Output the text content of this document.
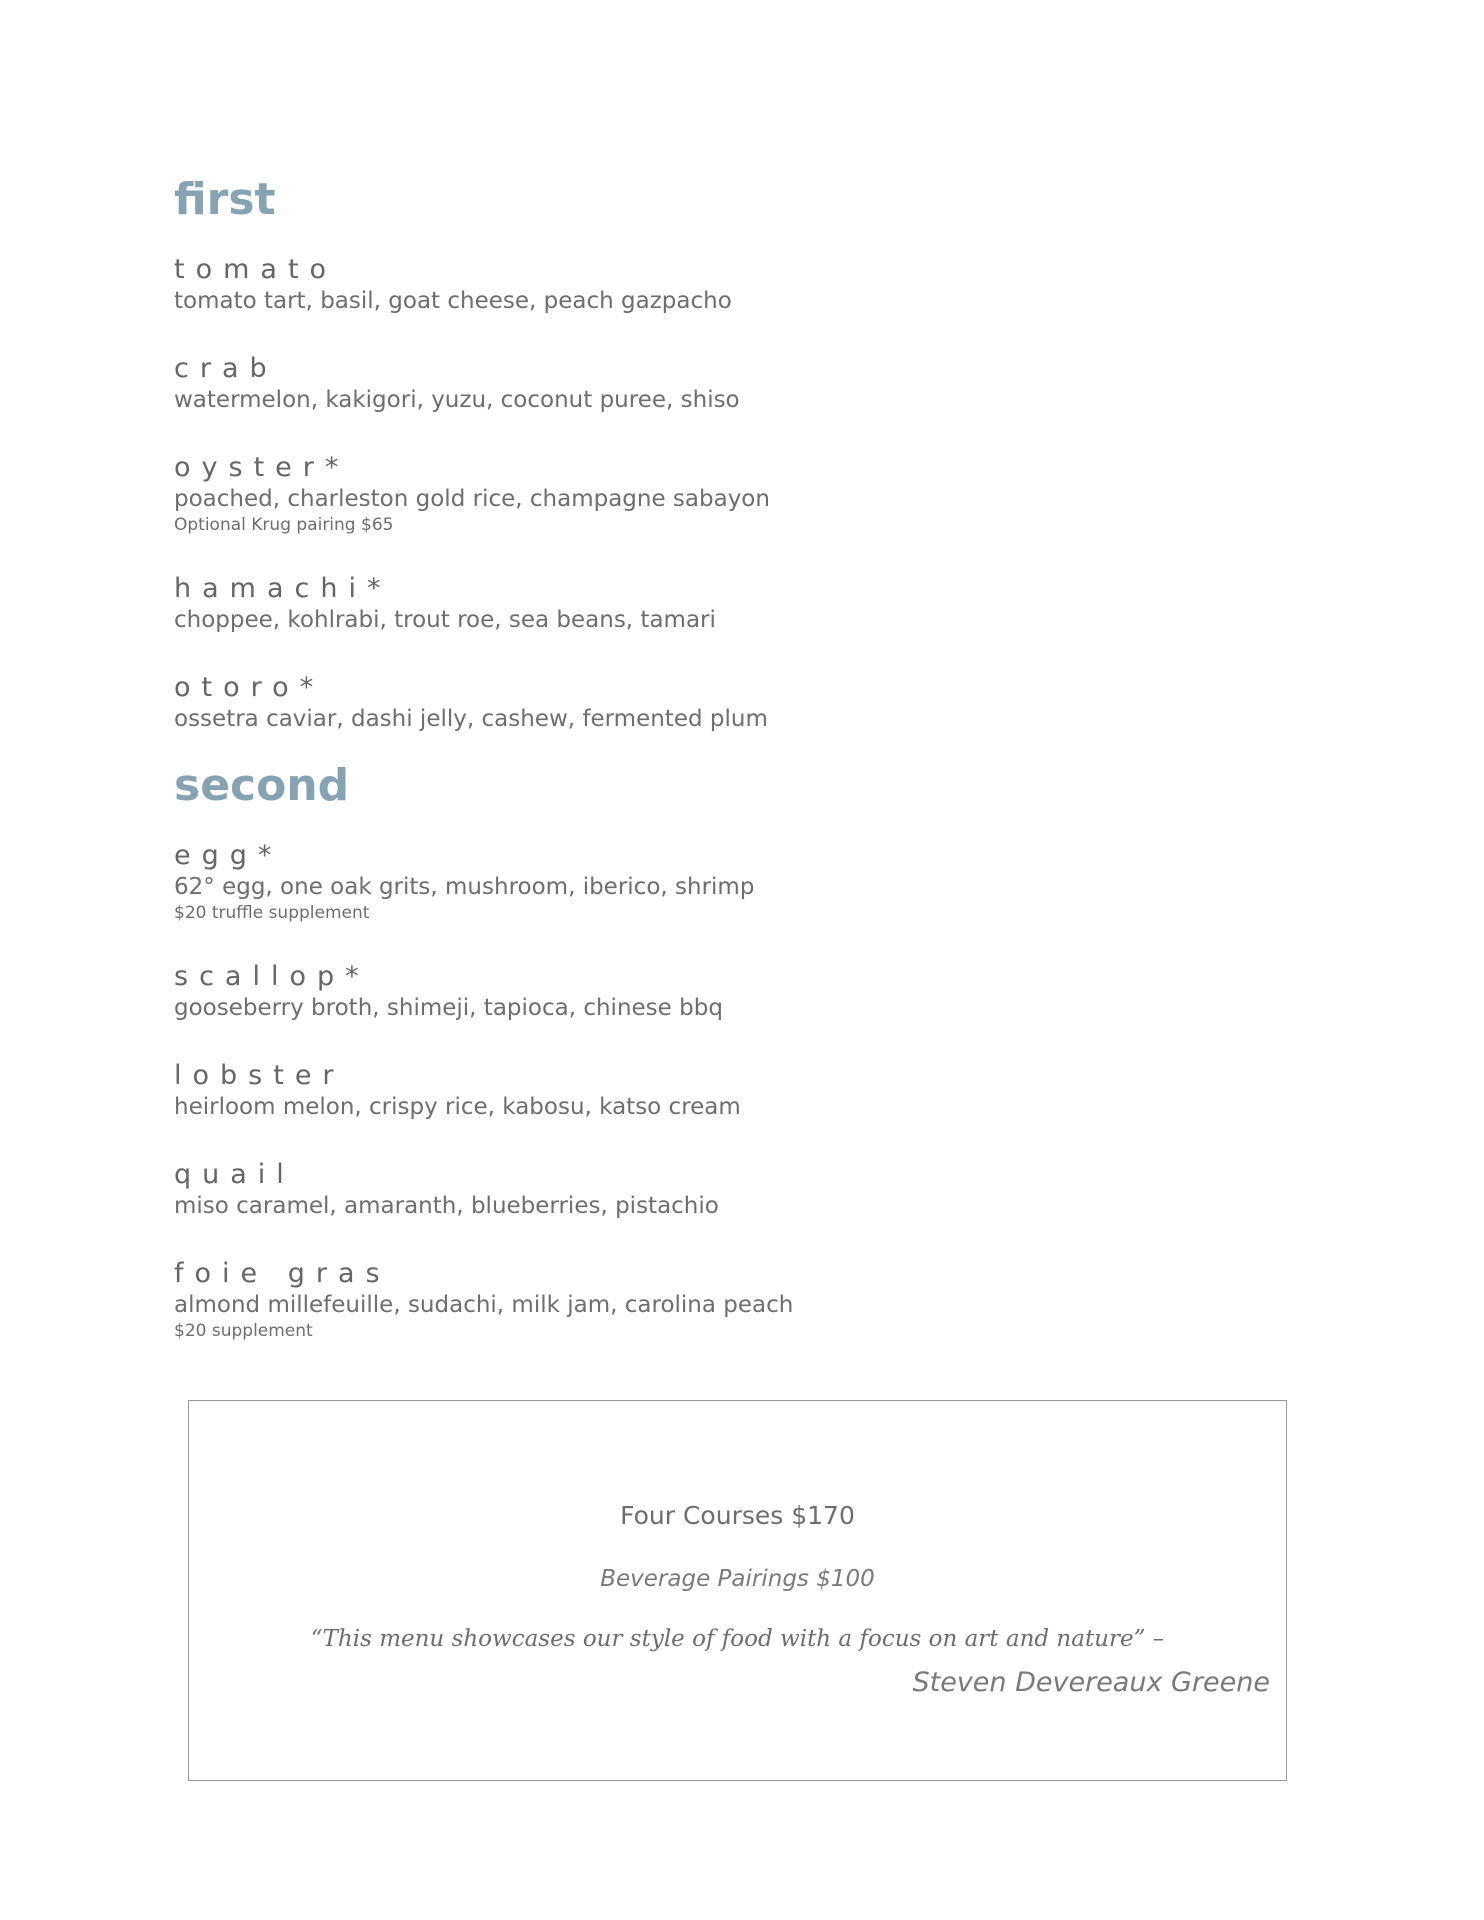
first
tomato
tomato tart, basil, goat cheese, peach gazpacho
crab
watermelon, kakigori, yuzu, coconut puree, shiso
oyster*
poached, charleston gold rice, champagne sabayon
Optional Krug pairing $65
hamachi*
choppee, kohlrabi, trout roe, sea beans, tamari
otoro*
ossetra caviar, dashi jelly, cashew, fermented plum
second
egg*
62° egg, one oak grits, mushroom, iberico, shrimp
$20 truffle supplement
scallop*
gooseberry broth, shimeji, tapioca, chinese bbq
lobster
heirloom melon, crispy rice, kabosu, katso cream
quail
miso caramel, amaranth, blueberries, pistachio
foie gras
almond millefeuille, sudachi, milk jam, carolina peach
$20 supplement
Four Courses $170
Beverage Pairings $100
“This menu showcases our style of food with a focus on art and nature” –
Steven Devereaux Greene
